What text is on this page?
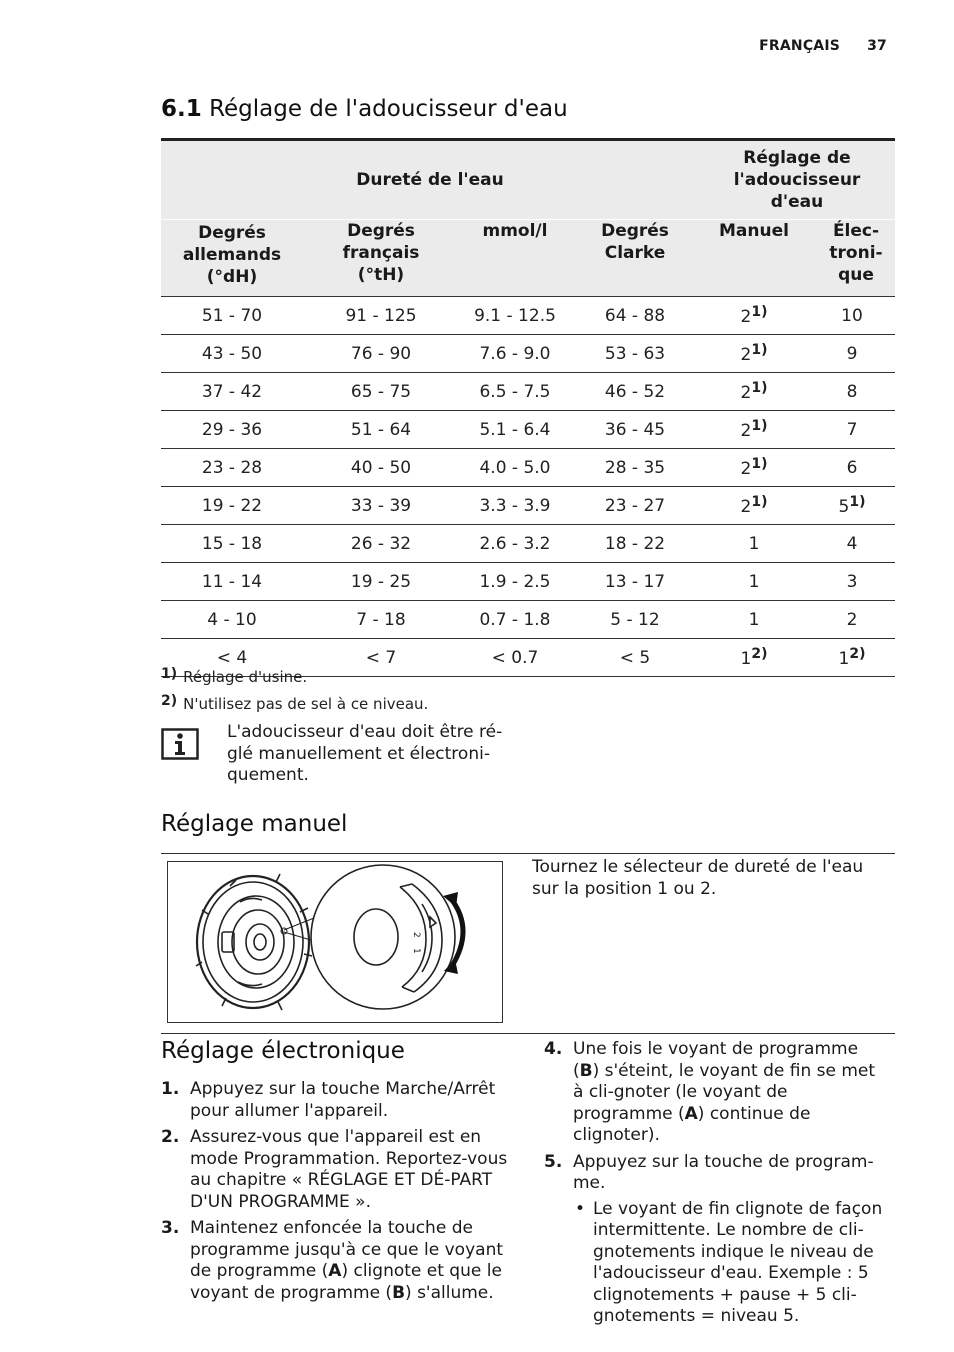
FRANÇAIS 37
6.1 Réglage de l'adoucisseur d'eau
Dureté de l'eau				Réglage de l'adoucisseur d'eau	
Degrés allemands (°dH)	Degrés français (°tH)	mmol/l	Degrés Clarke	Manuel	Élec-troni-que
51 - 70	91 - 125	9.1 - 12.5	64 - 88	2$^{1)}$	10
43 - 50	76 - 90	7.6 - 9.0	53 - 63	2$^{1)}$	9
37 - 42	65 - 75	6.5 - 7.5	46 - 52	2$^{1)}$	8
29 - 36	51 - 64	5.1 - 6.4	36 - 45	2$^{1)}$	7
23 - 28	40 - 50	4.0 - 5.0	28 - 35	2$^{1)}$	6
19 - 22	33 - 39	3.3 - 3.9	23 - 27	2$^{1)}$	5$^{1)}$
15 - 18	26 - 32	2.6 - 3.2	18 - 22	1	4
11 - 14	19 - 25	1.9 - 2.5	13 - 17	1	3
4 - 10	7 - 18	0.7 - 1.8	5 - 12	1	2
< 4	< 7	< 0.7	< 5	1$^{2)}$	1$^{2)}$
$^{1)}$ Réglage d'usine.
$^{2)}$ N'utilisez pas de sel à ce niveau.
L'adoucisseur d'eau doit être ré-glé manuellement et électroni-quement.
Réglage manuel
2
1
Tournez le sélecteur de dureté de l'eau sur la position 1 ou 2.
Réglage électronique
1. Appuyez sur la touche Marche/Arrêt pour allumer l'appareil.
2. Assurez-vous que l'appareil est en mode Programmation. Reportez-vous au chapitre « RÉGLAGE ET DÉ-PART D'UN PROGRAMME ».
3. Maintenez enfoncée la touche de programme jusqu'à ce que le voyant de programme (A) clignote et que le voyant de programme (B) s'allume.
4. Une fois le voyant de programme (B) s'éteint, le voyant de fin se met à cli-gnoter (le voyant de programme (A) continue de clignoter).
5. Appuyez sur la touche de program-me.
• Le voyant de fin clignote de façon intermittente. Le nombre de cli-gnotements indique le niveau de l'adoucisseur d'eau. Exemple : 5 clignotements + pause + 5 cli-gnotements = niveau 5.
